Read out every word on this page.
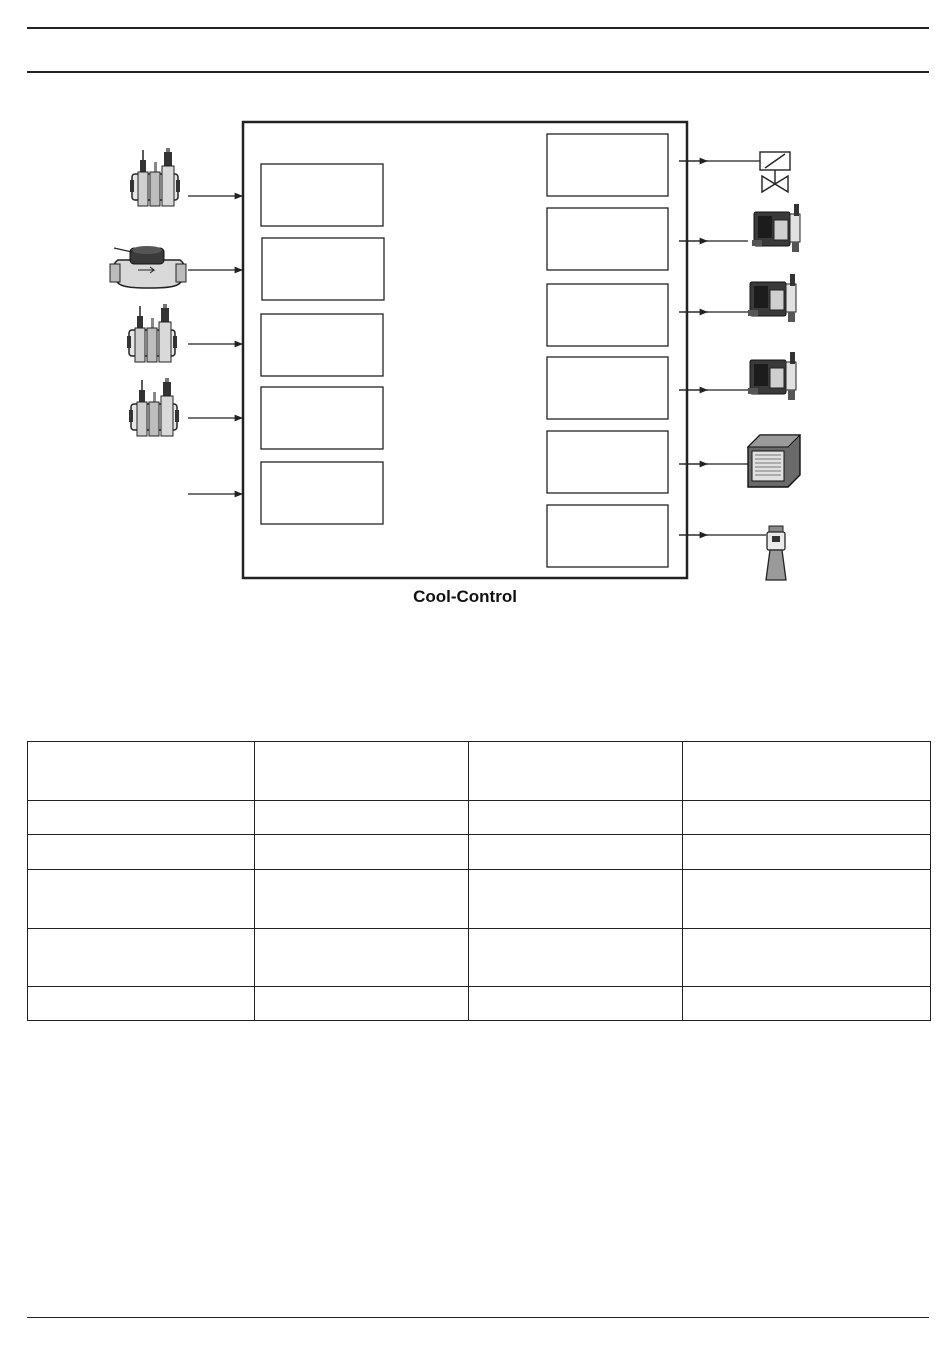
Cool-Control
